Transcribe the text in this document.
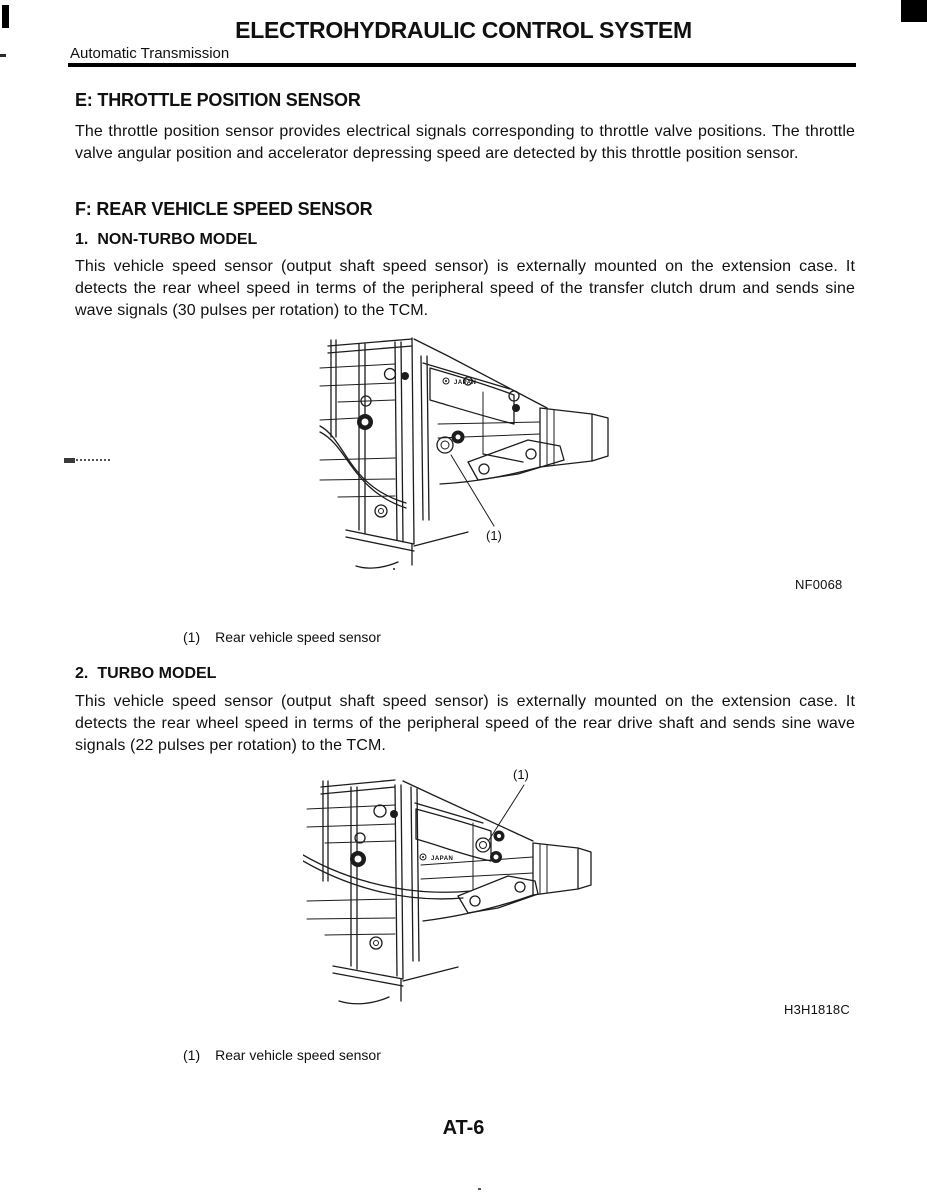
ELECTROHYDRAULIC CONTROL SYSTEM
Automatic Transmission
E: THROTTLE POSITION SENSOR
The throttle position sensor provides electrical signals corresponding to throttle valve positions. The throttle valve angular position and accelerator depressing speed are detected by this throttle position sensor.
F: REAR VEHICLE SPEED SENSOR
1. NON-TURBO MODEL
This vehicle speed sensor (output shaft speed sensor) is externally mounted on the extension case. It detects the rear wheel speed in terms of the peripheral speed of the transfer clutch drum and sends sine wave signals (30 pulses per rotation) to the TCM.
JAPAN
(1)
NF0068
(1) Rear vehicle speed sensor
2. TURBO MODEL
This vehicle speed sensor (output shaft speed sensor) is externally mounted on the extension case. It detects the rear wheel speed in terms of the peripheral speed of the rear drive shaft and sends sine wave signals (22 pulses per rotation) to the TCM.
JAPAN
(1)
H3H1818C
(1) Rear vehicle speed sensor
AT-6
